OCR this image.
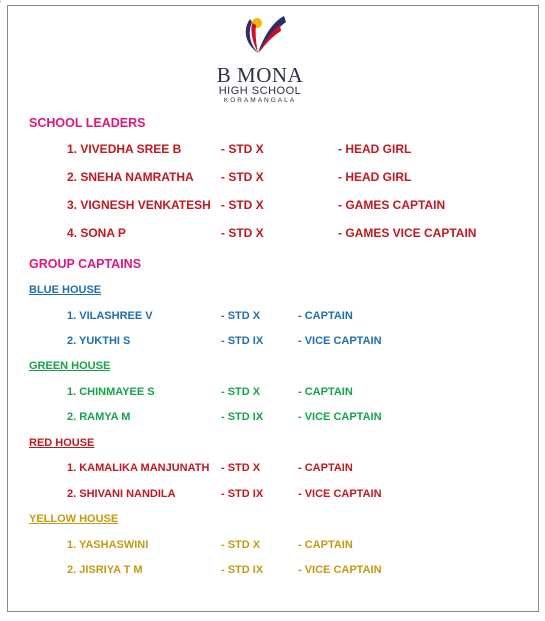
'
B MONA
HIGH SCHOOL
KORAMANGALA
SCHOOL LEADERS
1. VIVEDHA SREE B	- STD X	- HEAD GIRL
2. SNEHA NAMRATHA - STD X	- HEAD GIRL
3. VIGNESH VENKATESH - STD X	- GAMES CAPTAIN
4. SONA P	- STD X	- GAMES VICE CAPTAIN
GROUP CAPTAINS
BLUE HOUSE
1. VILASHREE V	- STD X	- CAPTAIN
2. YUKTHI S	- STD IX	- VICE CAPTAIN
GREEN HOUSE
1. CHINMAYEE S	- STD X	- CAPTAIN
2. RAMYA M	- STD IX	- VICE CAPTAIN
RED HOUSE
1. KAMALIKA MANJUNATH - STD X	- CAPTAIN
2. SHIVANI NANDILA	- STD IX	- VICE CAPTAIN
YELLOW HOUSE
1. YASHASWINI	- STD X	- CAPTAIN
2. JISRIYA T M	- STD IX	- VICE CAPTAIN
